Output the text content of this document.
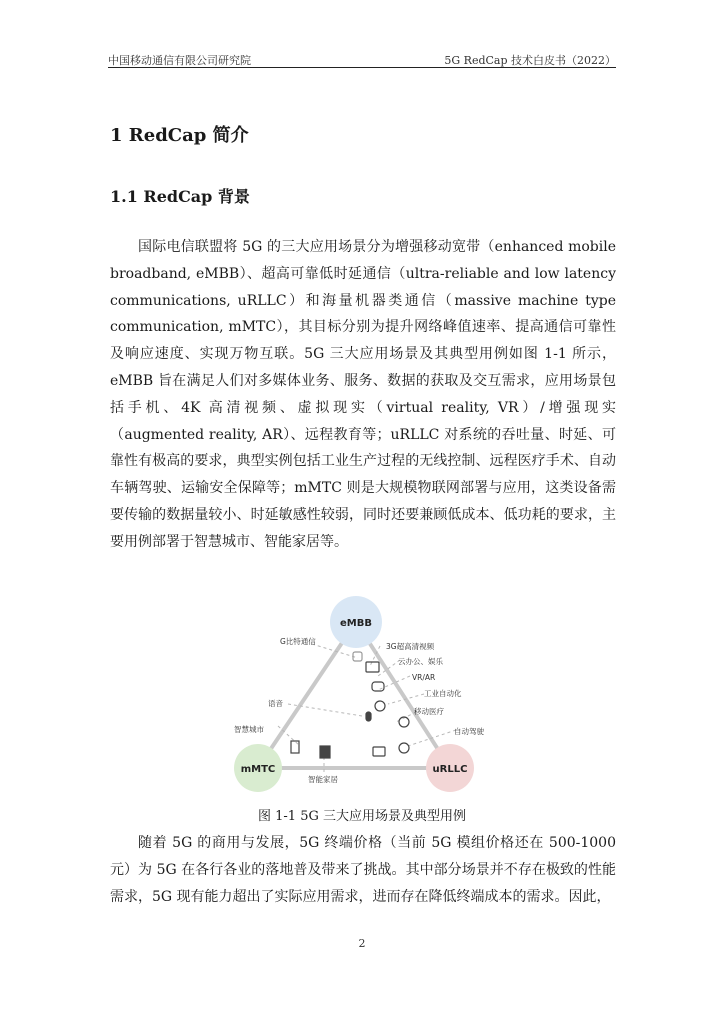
中国移动通信有限公司研究院	5G RedCap 技术白皮书（2022）
1 RedCap 简介
1.1 RedCap 背景

国际电信联盟将 5G 的三大应用场景分为增强移动宽带（enhanced mobile broadband, eMBB）、超高可靠低时延通信（ultra-reliable and low latency communications, uRLLC）和海量机器类通信（massive machine type communication, mMTC），其目标分别为提升网络峰值速率、提高通信可靠性及响应速度、实现万物互联。5G 三大应用场景及其典型用例如图 1-1 所示，eMBB 旨在满足人们对多媒体业务、服务、数据的获取及交互需求，应用场景包括手机、4K 高清视频、虚拟现实（virtual reality, VR）/增强现实（augmented reality, AR）、远程教育等；uRLLC 对系统的吞吐量、时延、可靠性有极高的要求，典型实例包括工业生产过程的无线控制、远程医疗手术、自动车辆驾驶、运输安全保障等；mMTC 则是大规模物联网部署与应用，这类设备需要传输的数据量较小、时延敏感性较弱，同时还要兼顾低成本、低功耗的要求，主要用例部署于智慧城市、智能家居等。

eMBB
mMTC	uRLLC
G比特通信
3G超高清视频
云办公、娱乐
VR/AR
工业自动化
语音
移动医疗
智慧城市	自动驾驶
智能家居

图 1-1 5G 三大应用场景及典型用例

随着 5G 的商用与发展，5G 终端价格（当前 5G 模组价格还在 500-1000 元）为 5G 在各行各业的落地普及带来了挑战。其中部分场景并不存在极致的性能需求，5G 现有能力超出了实际应用需求，进而存在降低终端成本的需求。因此，

2
